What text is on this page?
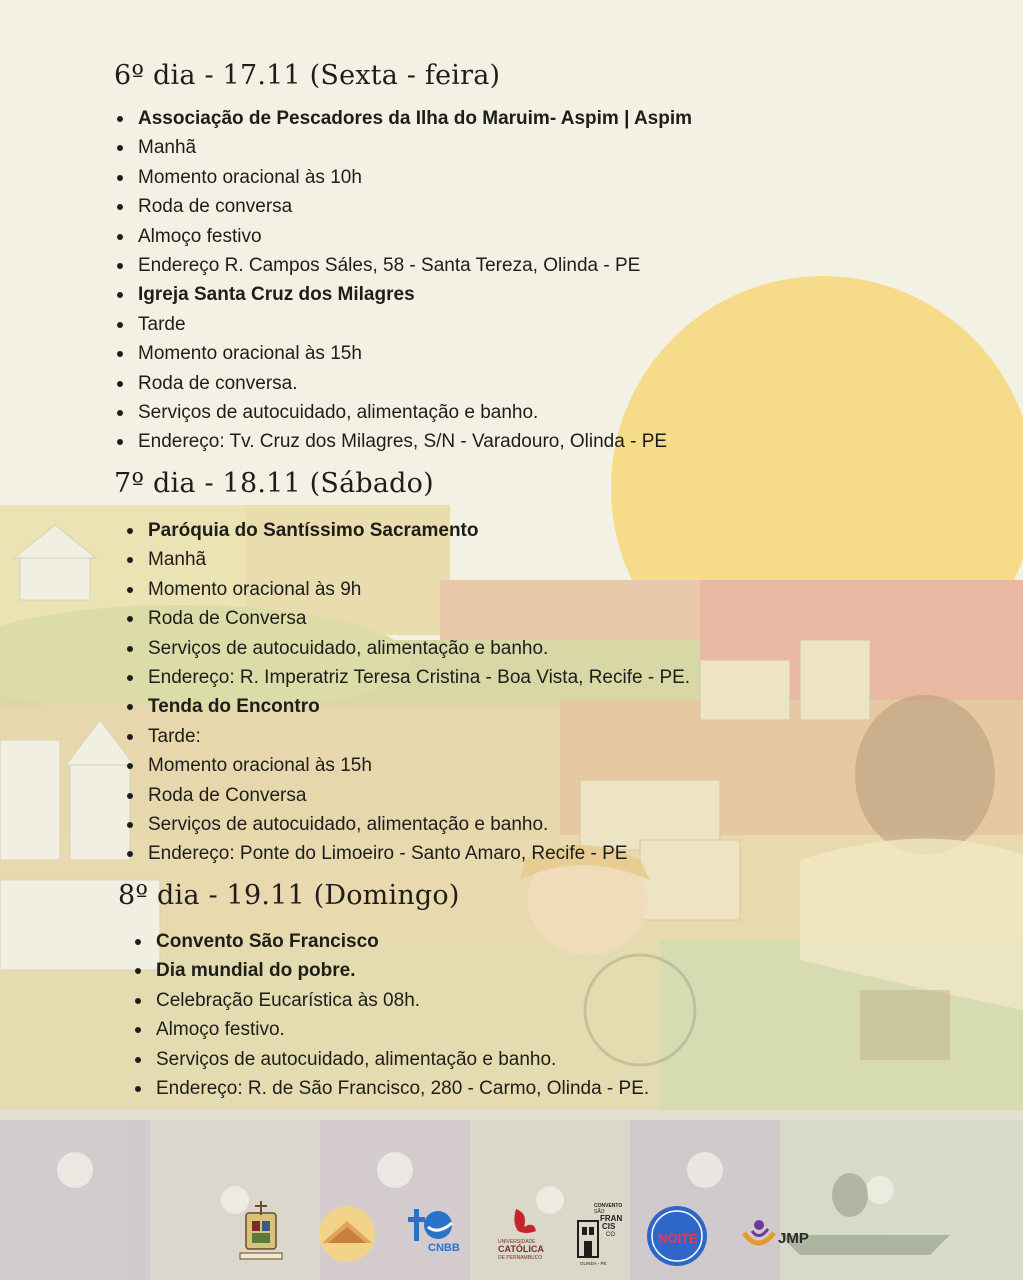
6º dia - 17.11 (Sexta - feira)
Associação de Pescadores da Ilha do Maruim- Aspim | Aspim
Manhã
Momento oracional às 10h
Roda de conversa
Almoço festivo
Endereço R. Campos Sáles, 58 - Santa Tereza, Olinda - PE
Igreja Santa Cruz dos Milagres
Tarde
Momento oracional às 15h
Roda de conversa.
Serviços de autocuidado, alimentação e banho.
Endereço: Tv. Cruz dos Milagres, S/N - Varadouro, Olinda - PE
7º dia - 18.11 (Sábado)
Paróquia do Santíssimo Sacramento
Manhã
Momento oracional às 9h
Roda de Conversa
Serviços de autocuidado, alimentação e banho.
Endereço: R. Imperatriz Teresa Cristina - Boa Vista, Recife - PE.
Tenda do Encontro
Tarde:
Momento oracional às 15h
Roda de Conversa
Serviços de autocuidado, alimentação e banho.
Endereço: Ponte do Limoeiro - Santo Amaro, Recife - PE
8º dia - 19.11 (Domingo)
Convento São Francisco
Dia mundial do pobre.
Celebração Eucarística às 08h.
Almoço festivo.
Serviços de autocuidado, alimentação e banho.
Endereço: R. de São Francisco, 280 - Carmo, Olinda - PE.
CNBB	UNIVERSIDADE
CATÓLICA
DE PERNAMBUCO
CONVENTO
SÃO
FRAN
CIS
CO
OLINDA - PE
NOITE	JMP
